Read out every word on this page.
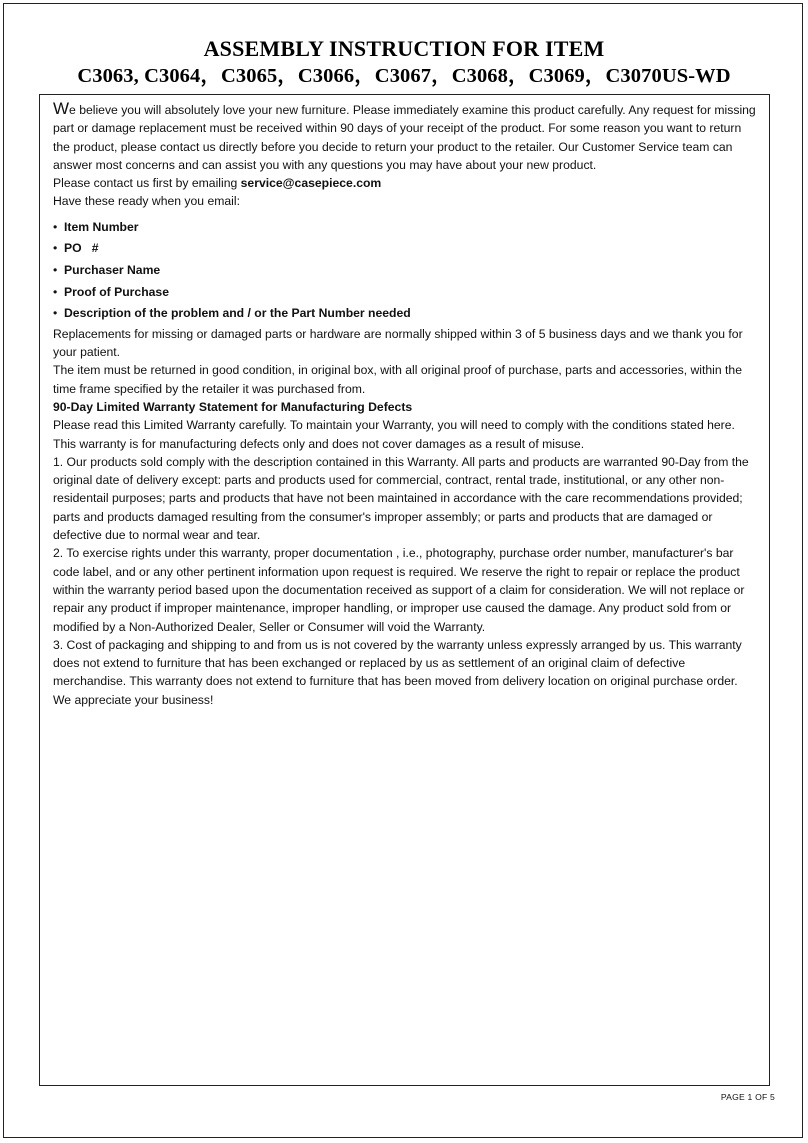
ASSEMBLY INSTRUCTION FOR ITEM
C3063, C3064，C3065，C3066，C3067，C3068，C3069，C3070US-WD

We believe you will absolutely love your new furniture. Please immediately examine this product carefully. Any request for missing part or damage replacement must be received within 90 days of your receipt of the product. For some reason you want to return the product, please contact us directly before you decide to return your product to the retailer. Our Customer Service team can answer most concerns and can assist you with any questions you may have about your new product.

Please contact us first by emailing service@casepiece.com

Have these ready when you email:

• Item Number
• PO   #
• Purchaser Name
• Proof of Purchase
• Description of the problem and / or the Part Number needed

Replacements for missing or damaged parts or hardware are normally shipped within 3 of 5 business days and we thank you for your patient.

The item must be returned in good condition, in original box, with all original proof of purchase, parts and accessories, within the time frame specified by the retailer it was purchased from.

90-Day Limited Warranty Statement for Manufacturing Defects

Please read this Limited Warranty carefully. To maintain your Warranty, you will need to comply with the conditions stated here. This warranty is for manufacturing defects only and does not cover damages as a result of misuse.

1. Our products sold comply with the description contained in this Warranty. All parts and products are warranted 90-Day from the original date of delivery except: parts and products used for commercial, contract, rental trade, institutional, or any other non-residentail purposes; parts and products that have not been maintained in accordance with the care recommendations provided; parts and products damaged resulting from the consumer's improper assembly; or parts and products that are damaged or defective due to normal wear and tear.

2. To exercise rights under this warranty, proper documentation , i.e., photography, purchase order number, manufacturer's bar code label, and or any other pertinent information upon request is required. We reserve the right to repair or replace the product within the warranty period based upon the documentation received as support of a claim for consideration. We will not replace or repair any product if improper maintenance, improper handling, or improper use caused the damage. Any product sold from or modified by a Non-Authorized Dealer, Seller or Consumer will void the Warranty.

3. Cost of packaging and shipping to and from us is not covered by the warranty unless expressly arranged by us. This warranty does not extend to furniture that has been exchanged or replaced by us as settlement of an original claim of defective merchandise. This warranty does not extend to furniture that has been moved from delivery location on original purchase order.

We appreciate your business!

PAGE 1 OF 5
